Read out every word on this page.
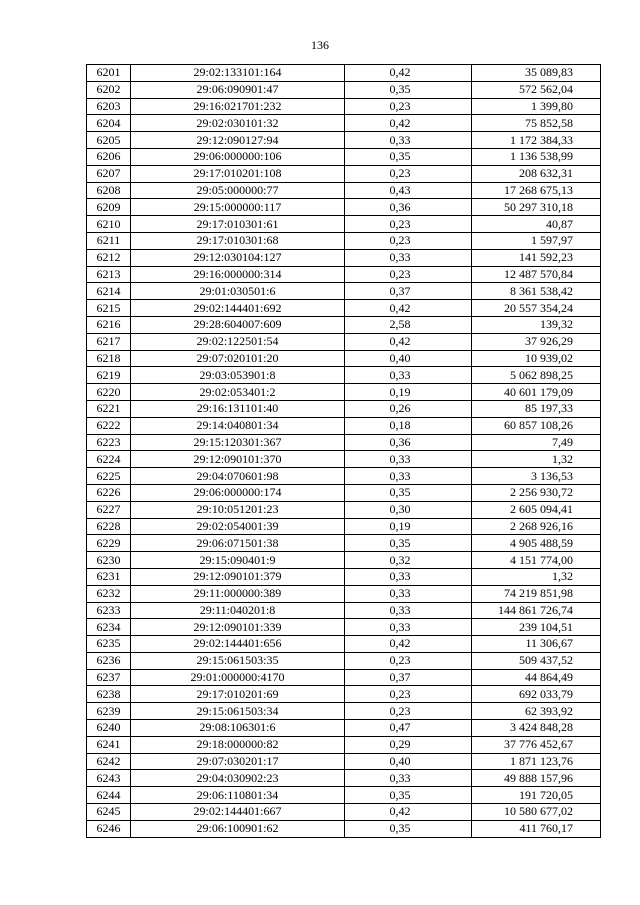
136
6201	29:02:133101:164	0,42	35 089,83
6202	29:06:090901:47	0,35	572 562,04
6203	29:16:021701:232	0,23	1 399,80
6204	29:02:030101:32	0,42	75 852,58
6205	29:12:090127:94	0,33	1 172 384,33
6206	29:06:000000:106	0,35	1 136 538,99
6207	29:17:010201:108	0,23	208 632,31
6208	29:05:000000:77	0,43	17 268 675,13
6209	29:15:000000:117	0,36	50 297 310,18
6210	29:17:010301:61	0,23	40,87
6211	29:17:010301:68	0,23	1 597,97
6212	29:12:030104:127	0,33	141 592,23
6213	29:16:000000:314	0,23	12 487 570,84
6214	29:01:030501:6	0,37	8 361 538,42
6215	29:02:144401:692	0,42	20 557 354,24
6216	29:28:604007:609	2,58	139,32
6217	29:02:122501:54	0,42	37 926,29
6218	29:07:020101:20	0,40	10 939,02
6219	29:03:053901:8	0,33	5 062 898,25
6220	29:02:053401:2	0,19	40 601 179,09
6221	29:16:131101:40	0,26	85 197,33
6222	29:14:040801:34	0,18	60 857 108,26
6223	29:15:120301:367	0,36	7,49
6224	29:12:090101:370	0,33	1,32
6225	29:04:070601:98	0,33	3 136,53
6226	29:06:000000:174	0,35	2 256 930,72
6227	29:10:051201:23	0,30	2 605 094,41
6228	29:02:054001:39	0,19	2 268 926,16
6229	29:06:071501:38	0,35	4 905 488,59
6230	29:15:090401:9	0,32	4 151 774,00
6231	29:12:090101:379	0,33	1,32
6232	29:11:000000:389	0,33	74 219 851,98
6233	29:11:040201:8	0,33	144 861 726,74
6234	29:12:090101:339	0,33	239 104,51
6235	29:02:144401:656	0,42	11 306,67
6236	29:15:061503:35	0,23	509 437,52
6237	29:01:000000:4170	0,37	44 864,49
6238	29:17:010201:69	0,23	692 033,79
6239	29:15:061503:34	0,23	62 393,92
6240	29:08:106301:6	0,47	3 424 848,28
6241	29:18:000000:82	0,29	37 776 452,67
6242	29:07:030201:17	0,40	1 871 123,76
6243	29:04:030902:23	0,33	49 888 157,96
6244	29:06:110801:34	0,35	191 720,05
6245	29:02:144401:667	0,42	10 580 677,02
6246	29:06:100901:62	0,35	411 760,17
